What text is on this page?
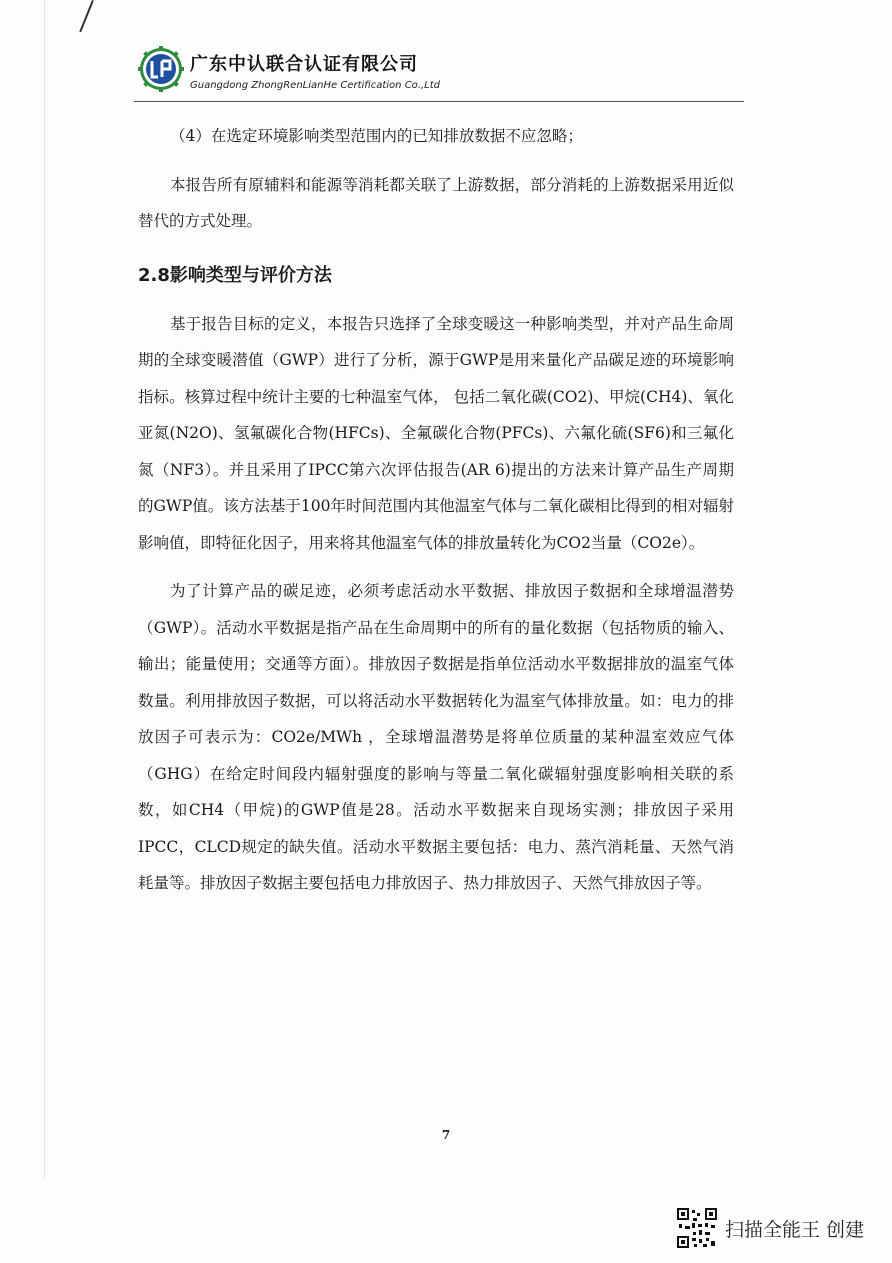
广东中认联合认证有限公司
Guangdong ZhongRenLianHe Certification Co.,Ltd

（4）在选定环境影响类型范围内的已知排放数据不应忽略；

本报告所有原辅料和能源等消耗都关联了上游数据，部分消耗的上游数据采用近似替代的方式处理。

2.8影响类型与评价方法

基于报告目标的定义，本报告只选择了全球变暖这一种影响类型，并对产品生命周期的全球变暖潜值（GWP）进行了分析，源于GWP是用来量化产品碳足迹的环境影响指标。核算过程中统计主要的七种温室气体， 包括二氧化碳(CO2)、甲烷(CH4)、氧化亚氮(N2O)、氢氟碳化合物(HFCs)、全氟碳化合物(PFCs)、六氟化硫(SF6)和三氟化氮（NF3）。并且采用了IPCC第六次评估报告(AR 6)提出的方法来计算产品生产周期的GWP值。该方法基于100年时间范围内其他温室气体与二氧化碳相比得到的相对辐射影响值，即特征化因子，用来将其他温室气体的排放量转化为CO2当量（CO2e）。

为了计算产品的碳足迹，必须考虑活动水平数据、排放因子数据和全球增温潜势（GWP）。活动水平数据是指产品在生命周期中的所有的量化数据（包括物质的输入、输出；能量使用；交通等方面）。排放因子数据是指单位活动水平数据排放的温室气体数量。利用排放因子数据，可以将活动水平数据转化为温室气体排放量。如：电力的排放因子可表示为：CO2e/MWh ，全球增温潜势是将单位质量的某种温室效应气体（GHG）在给定时间段内辐射强度的影响与等量二氧化碳辐射强度影响相关联的系数，如CH4（甲烷)的GWP值是28。活动水平数据来自现场实测；排放因子采用IPCC，CLCD规定的缺失值。活动水平数据主要包括：电力、蒸汽消耗量、天然气消耗量等。排放因子数据主要包括电力排放因子、热力排放因子、天然气排放因子等。

7
扫描全能王 创建
